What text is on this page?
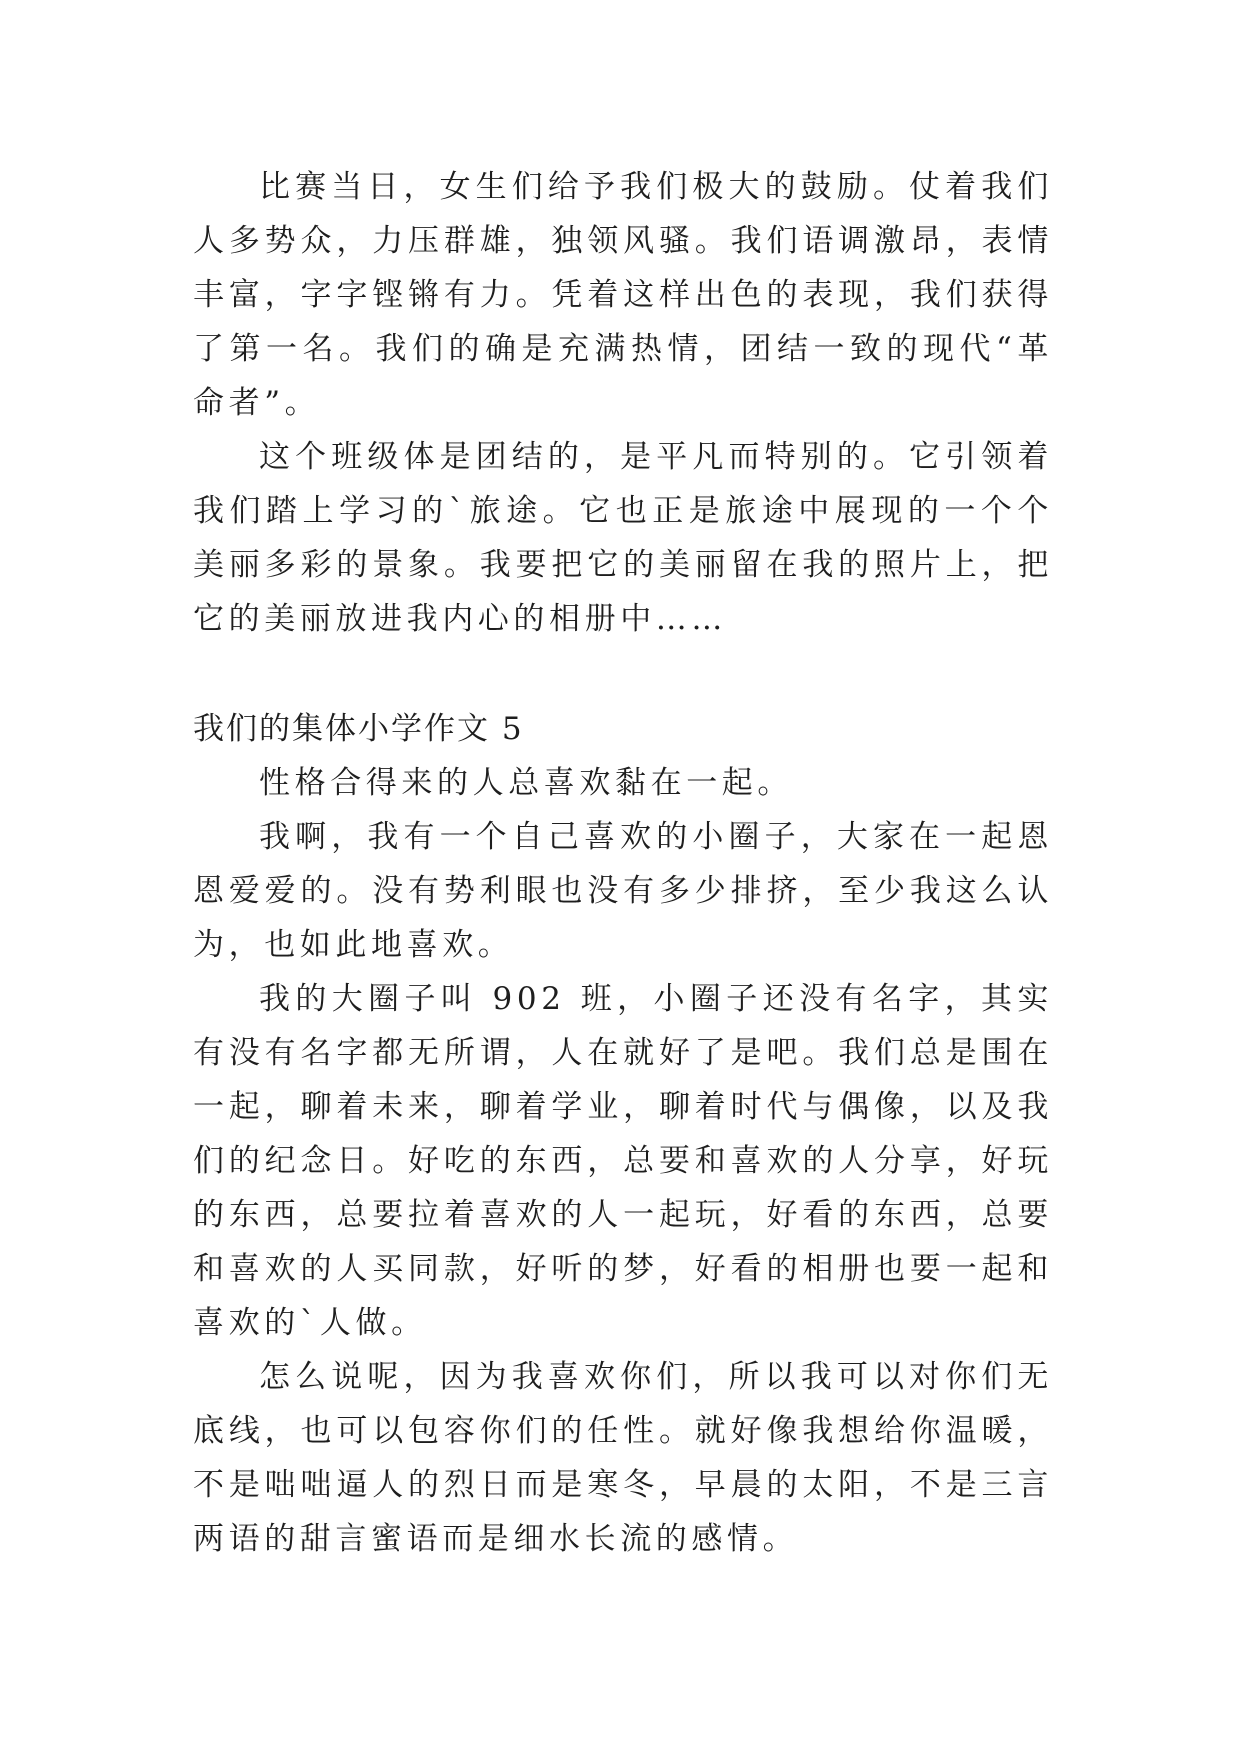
比赛当日，女生们给予我们极大的鼓励。仗着我们人多势众，力压群雄，独领风骚。我们语调激昂，表情丰富，字字铿锵有力。凭着这样出色的表现，我们获得了第一名。我们的确是充满热情，团结一致的现代“革命者”。

这个班级体是团结的，是平凡而特别的。它引领着我们踏上学习的`旅途。它也正是旅途中展现的一个个美丽多彩的景象。我要把它的美丽留在我的照片上，把它的美丽放进我内心的相册中……

我们的集体小学作文 5

性格合得来的人总喜欢黏在一起。

我啊，我有一个自己喜欢的小圈子，大家在一起恩恩爱爱的。没有势利眼也没有多少排挤，至少我这么认为，也如此地喜欢。

我的大圈子叫 902 班，小圈子还没有名字，其实有没有名字都无所谓，人在就好了是吧。我们总是围在一起，聊着未来，聊着学业，聊着时代与偶像，以及我们的纪念日。好吃的东西，总要和喜欢的人分享，好玩的东西，总要拉着喜欢的人一起玩，好看的东西，总要和喜欢的人买同款，好听的梦，好看的相册也要一起和喜欢的`人做。

怎么说呢，因为我喜欢你们，所以我可以对你们无底线，也可以包容你们的任性。就好像我想给你温暖，不是咄咄逼人的烈日而是寒冬，早晨的太阳，不是三言两语的甜言蜜语而是细水长流的感情。
